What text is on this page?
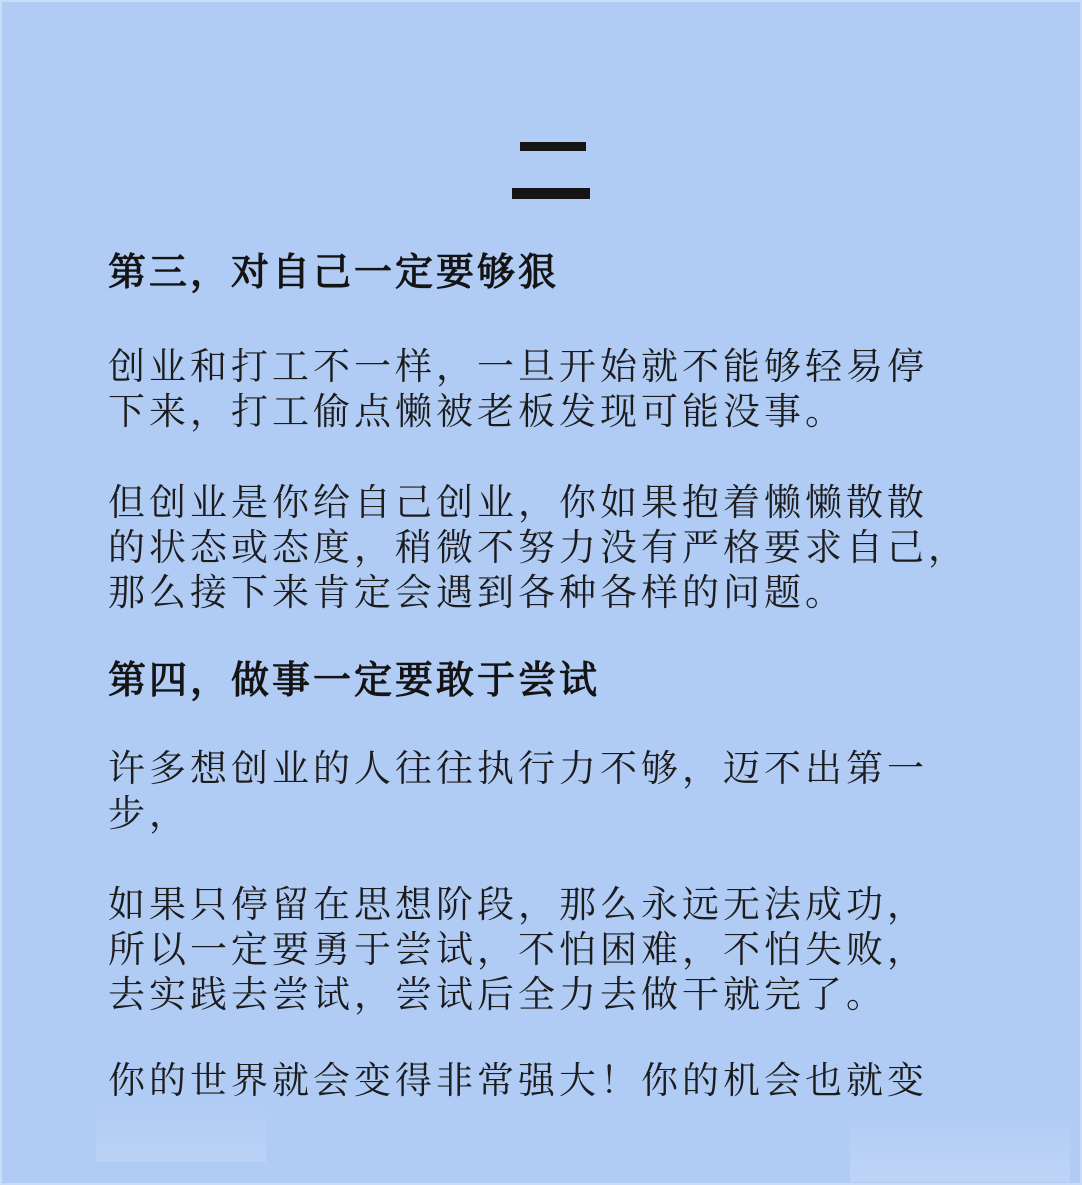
第三，对自己一定要够狠

创业和打工不一样，一旦开始就不能够轻易停
下来，打工偷点懒被老板发现可能没事。

但创业是你给自己创业，你如果抱着懒懒散散
的状态或态度，稍微不努力没有严格要求自己，
那么接下来肯定会遇到各种各样的问题。

第四，做事一定要敢于尝试

许多想创业的人往往执行力不够，迈不出第一
步，

如果只停留在思想阶段，那么永远无法成功，
所以一定要勇于尝试，不怕困难，不怕失败，
去实践去尝试，尝试后全力去做干就完了。

你的世界就会变得非常强大！你的机会也就变
